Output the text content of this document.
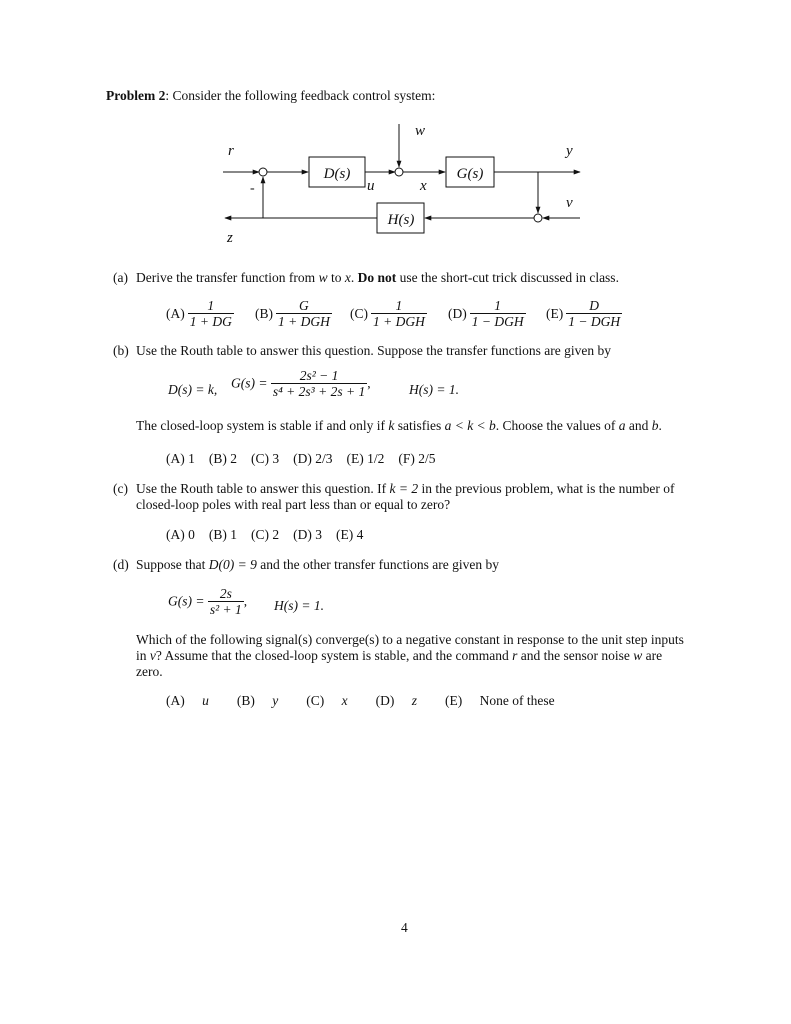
Problem 2: Consider the following feedback control system:
D(s)	G(s)
H(s)
r
w
y
u	x
v
z
-
(a) Derive the transfer function from w to x. Do not use the short-cut trick discussed in class.
$(A) \frac{1}{1 + DG} (B) \frac{G}{\text{1 + DGH}} (C) \frac{1}{\text{1 + DGH}} (D) \frac{1}{\text{1 − DGH}} (E) \frac{D}{\text{1 − DGH}}$
(b) Use the Routh table to answer this question. Suppose the transfer functions are given by
D(s) = k, $G(s) = \frac{\text{2s² − 1}}{\text{s⁴ + 2s³ + 2s + 1}}$ ,	H(s) = 1.
The closed-loop system is stable if and only if k satisfies a < k < b. Choose the values of a and b.
(A) 1 (B) 2 (C) 3 (D) 2/3 (E) 1/2 (F) 2/5
(c) Use the Routh table to answer this question. If k = 2 in the previous problem, what is the number of
closed-loop poles with real part less than or equal to zero?
(A) 0 (B) 1 (C) 2 (D) 3 (E) 4
(d) Suppose that D(0) = 9 and the other transfer functions are given by
$G(s) = \frac{2s}{\text{s² + 1}}$ , H(s) = 1.
Which of the following signal(s) converge(s) to a negative constant in response to the unit step inputs
in v? Assume that the closed-loop system is stable, and the command r and the sensor noise w are
zero.
(A) u (B) y (C) x (D) z (E) None of these
4
